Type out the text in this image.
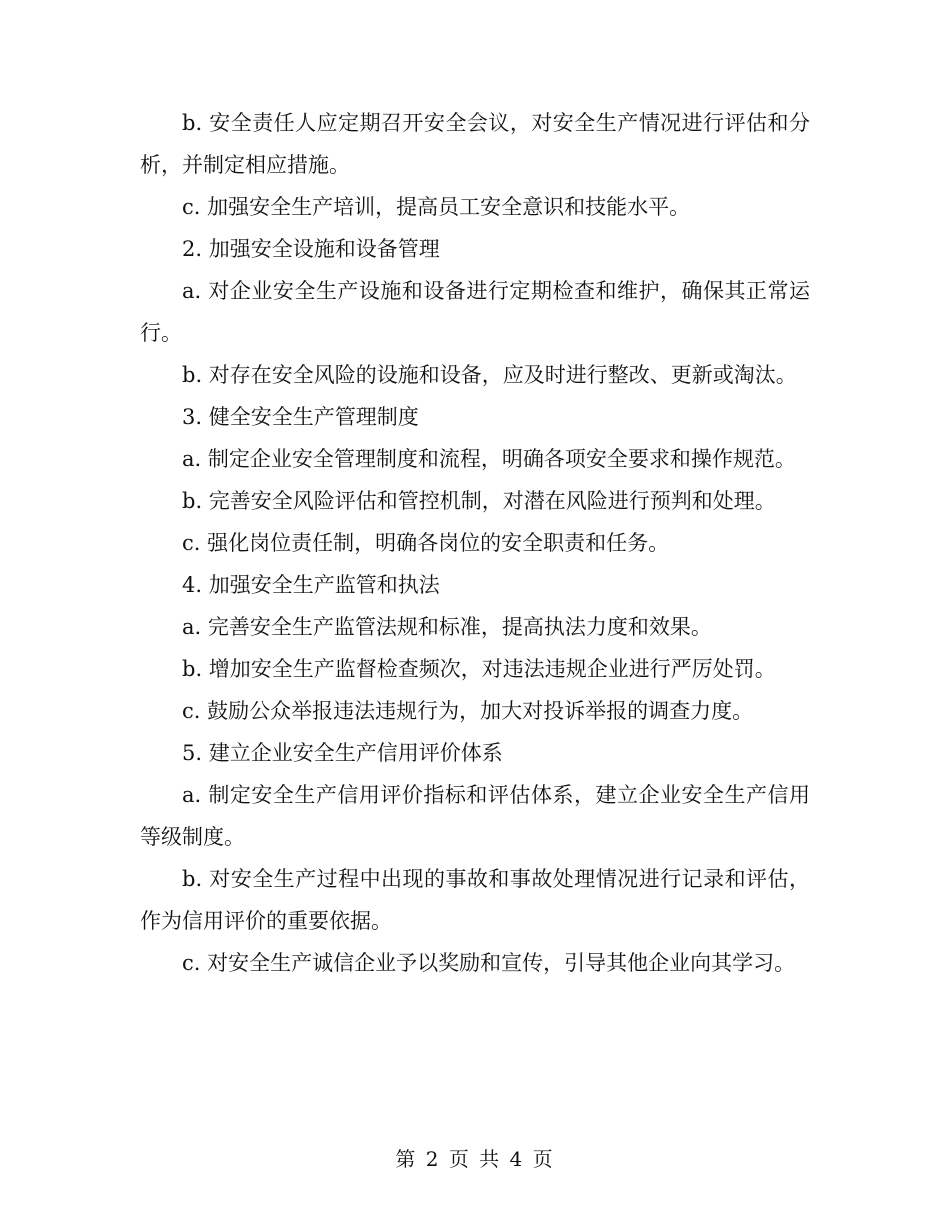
b. 安全责任人应定期召开安全会议，对安全生产情况进行评估和分析，并制定相应措施。

c. 加强安全生产培训，提高员工安全意识和技能水平。

2. 加强安全设施和设备管理

a. 对企业安全生产设施和设备进行定期检查和维护，确保其正常运行。

b. 对存在安全风险的设施和设备，应及时进行整改、更新或淘汰。

3. 健全安全生产管理制度

a. 制定企业安全管理制度和流程，明确各项安全要求和操作规范。

b. 完善安全风险评估和管控机制，对潜在风险进行预判和处理。

c. 强化岗位责任制，明确各岗位的安全职责和任务。

4. 加强安全生产监管和执法

a. 完善安全生产监管法规和标准，提高执法力度和效果。

b. 增加安全生产监督检查频次，对违法违规企业进行严厉处罚。

c. 鼓励公众举报违法违规行为，加大对投诉举报的调查力度。

5. 建立企业安全生产信用评价体系

a. 制定安全生产信用评价指标和评估体系，建立企业安全生产信用等级制度。

b. 对安全生产过程中出现的事故和事故处理情况进行记录和评估，作为信用评价的重要依据。

c. 对安全生产诚信企业予以奖励和宣传，引导其他企业向其学习。

第 2 页 共 4 页
